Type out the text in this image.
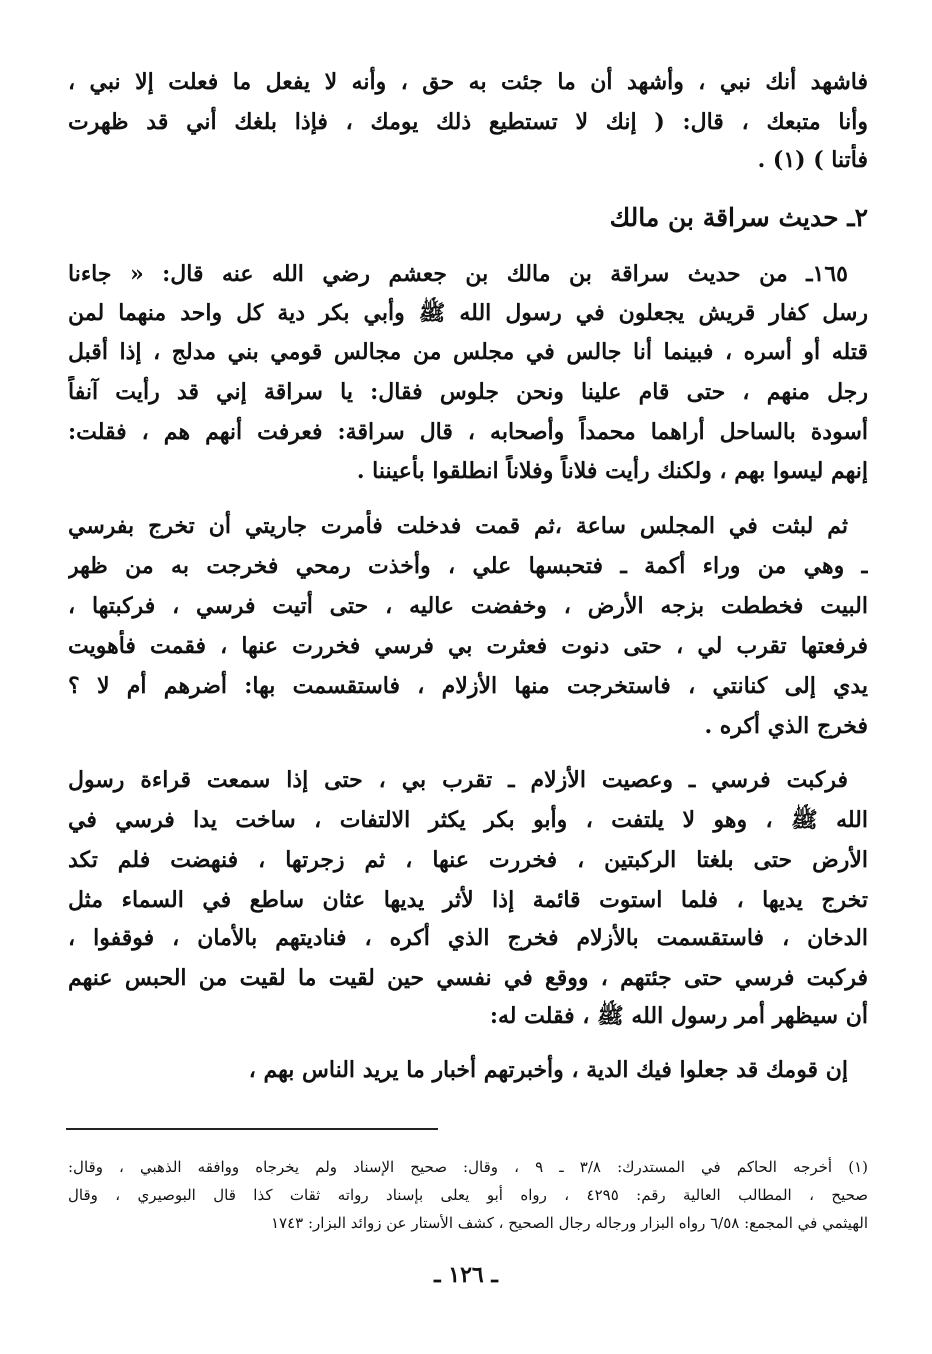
فاشهد أنك نبي ، وأشهد أن ما جئت به حق ، وأنه لا يفعل ما فعلت إلا نبي ،
وأنا متبعك ، قال: ( إنك لا تستطيع ذلك يومك ، فإذا بلغك أني قد ظهرت
فأتنا ) (١) .
٢ـ حديث سراقة بن مالك
١٦٥ـ من حديث سراقة بن مالك بن جعشم رضي الله عنه قال: « جاءنا
رسل كفار قريش يجعلون في رسول الله ﷺ وأبي بكر دية كل واحد منهما لمن
قتله أو أسره ، فبينما أنا جالس في مجلس من مجالس قومي بني مدلج ، إذا أقبل
رجل منهم ، حتى قام علينا ونحن جلوس فقال: يا سراقة إني قد رأيت آنفاً
أسودة بالساحل أراهما محمداً وأصحابه ، قال سراقة: فعرفت أنهم هم ، فقلت:
إنهم ليسوا بهم ، ولكنك رأيت فلاناً وفلاناً انطلقوا بأعيننا .
ثم لبثت في المجلس ساعة ،ثم قمت فدخلت فأمرت جاريتي أن تخرج بفرسي
ـ وهي من وراء أكمة ـ فتحبسها علي ، وأخذت رمحي فخرجت به من ظهر
البيت فخططت بزجه الأرض ، وخفضت عاليه ، حتى أتيت فرسي ، فركبتها ،
فرفعتها تقرب لي ، حتى دنوت فعثرت بي فرسي فخررت عنها ، فقمت فأهويت
يدي إلى كنانتي ، فاستخرجت منها الأزلام ، فاستقسمت بها: أضرهم أم لا ؟
فخرج الذي أكره .
فركبت فرسي ـ وعصيت الأزلام ـ تقرب بي ، حتى إذا سمعت قراءة رسول
الله ﷺ ، وهو لا يلتفت ، وأبو بكر يكثر الالتفات ، ساخت يدا فرسي في
الأرض حتى بلغتا الركبتين ، فخررت عنها ، ثم زجرتها ، فنهضت فلم تكد
تخرج يديها ، فلما استوت قائمة إذا لأثر يديها عثان ساطع في السماء مثل
الدخان ، فاستقسمت بالأزلام فخرج الذي أكره ، فناديتهم بالأمان ، فوقفوا ،
فركبت فرسي حتى جئتهم ، ووقع في نفسي حين لقيت ما لقيت من الحبس عنهم
أن سيظهر أمر رسول الله ﷺ ، فقلت له:
إن قومك قد جعلوا فيك الدية ، وأخبرتهم أخبار ما يريد الناس بهم ،
(١) أخرجه الحاكم في المستدرك: ٣/٨ ـ ٩ ، وقال: صحيح الإسناد ولم يخرجاه ووافقه الذهبي ، وقال:
صحيح ، المطالب العالية رقم: ٤٢٩٥ ، رواه أبو يعلى بإسناد رواته ثقات كذا قال البوصيري ، وقال
الهيثمي في المجمع: ٦/٥٨ رواه البزار ورجاله رجال الصحيح ، كشف الأستار عن زوائد البزار: ١٧٤٣
ـ ١٢٦ ـ
